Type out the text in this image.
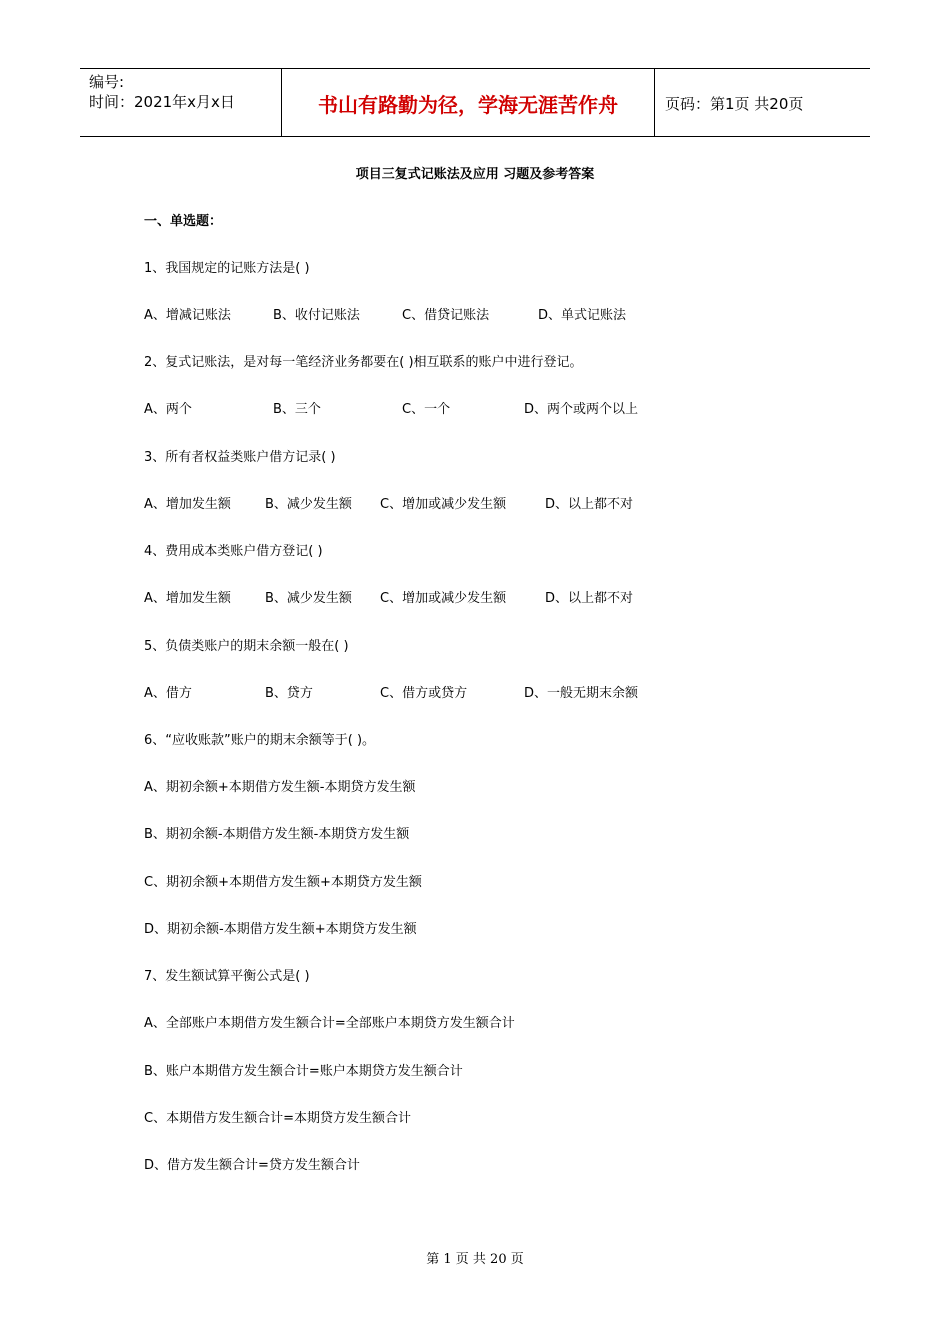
编号:
时间：2021年x月x日	书山有路勤为径，学海无涯苦作舟	页码：第1页 共20页
项目三复式记账法及应用 习题及参考答案
一、单选题：
1、我国规定的记账方法是( )
A、增减记账法	B、收付记账法	C、借贷记账法	D、单式记账法
2、复式记账法，是对每一笔经济业务都要在( )相互联系的账户中进行登记。
A、两个	B、三个	C、一个	D、两个或两个以上
3、所有者权益类账户借方记录( )
A、增加发生额	B、减少发生额 C、增加或减少发生额	D、以上都不对
4、费用成本类账户借方登记( )
A、增加发生额	B、减少发生额 C、增加或减少发生额	D、以上都不对
5、负债类账户的期末余额一般在( )
A、借方	B、贷方	C、借方或贷方	D、一般无期末余额
6、“应收账款”账户的期末余额等于( )。
A、期初余额+本期借方发生额-本期贷方发生额
B、期初余额-本期借方发生额-本期贷方发生额
C、期初余额+本期借方发生额+本期贷方发生额
D、期初余额-本期借方发生额+本期贷方发生额
7、发生额试算平衡公式是( )
A、全部账户本期借方发生额合计=全部账户本期贷方发生额合计
B、账户本期借方发生额合计=账户本期贷方发生额合计
C、本期借方发生额合计=本期贷方发生额合计
D、借方发生额合计=贷方发生额合计
第 1 页 共 20 页
